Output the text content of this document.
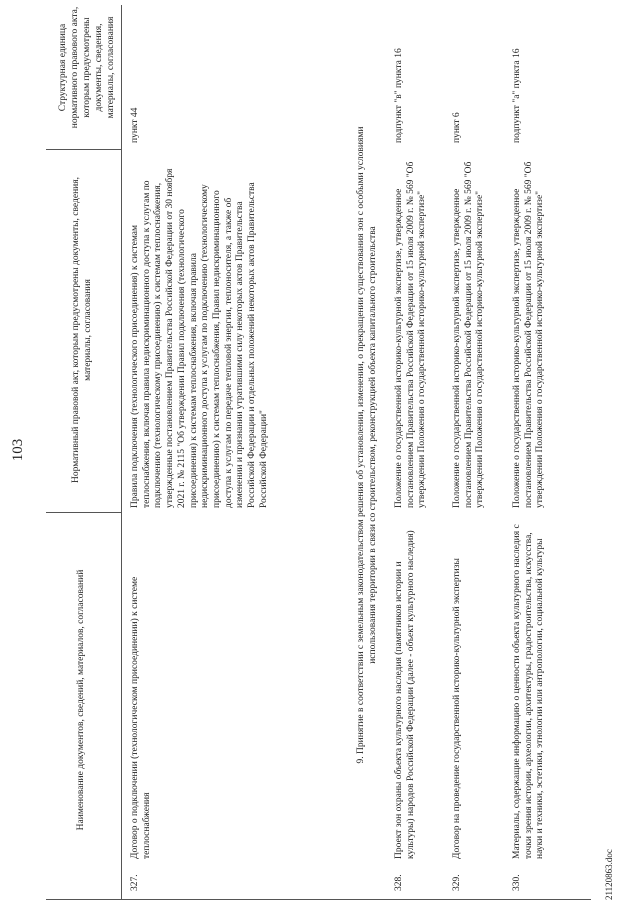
103
Наименование документов, сведений, материалов, согласований
Нормативный правовой акт, которым предусмотрены документы, сведения, материалы, согласования
Структурная единица нормативного правового акта, которым предусмотрены документы, сведения, материалы, согласования
327.
Договор о подключении (технологическом присоединении) к системе теплоснабжения
Правила подключения (технологического присоединения) к системам теплоснабжения, включая правила недискриминационного доступа к услугам по подключению (технологическому присоединению) к системам теплоснабжения, утвержденные постановлением Правительства Российской Федерации от 30 ноября 2021 г. № 2115 "Об утверждении Правил подключения (технологического присоединения) к системам теплоснабжения, включая правила недискриминационного доступа к услугам по подключению (технологическому присоединению) к системам теплоснабжения, Правил недискриминационного доступа к услугам по передаче тепловой энергии, теплоносителя, а также об изменении и признании утратившими силу некоторых актов Правительства Российской Федерации и отдельных положений некоторых актов Правительства Российской Федерации"
пункт 44
9. Принятие в соответствии с земельным законодательством решения об установлении, изменении, о прекращении существования зон с особыми условиями использования территории в связи со строительством, реконструкцией объекта капитального строительства
328.
Проект зон охраны объекта культурного наследия (памятников истории и культуры) народов Российской Федерации (далее - объект культурного наследия)
Положение о государственной историко-культурной экспертизе, утвержденное постановлением Правительства Российской Федерации от 15 июля 2009 г. № 569 "Об утверждении Положения о государственной историко-культурной экспертизе"
подпункт "в" пункта 16
329.
Договор на проведение государственной историко-культурной экспертизы
Положение о государственной историко-культурной экспертизе, утвержденное постановлением Правительства Российской Федерации от 15 июля 2009 г. № 569 "Об утверждении Положения о государственной историко-культурной экспертизе"
пункт 6
330.
Материалы, содержащие информацию о ценности объекта культурного наследия с точки зрения истории, археологии, архитектуры, градостроительства, искусства, науки и техники, эстетики, этнологии или антропологии, социальной культуры
Положение о государственной историко-культурной экспертизе, утвержденное постановлением Правительства Российской Федерации от 15 июля 2009 г. № 569 "Об утверждении Положения о государственной историко-культурной экспертизе"
подпункт "а" пункта 16
21120863.doc
